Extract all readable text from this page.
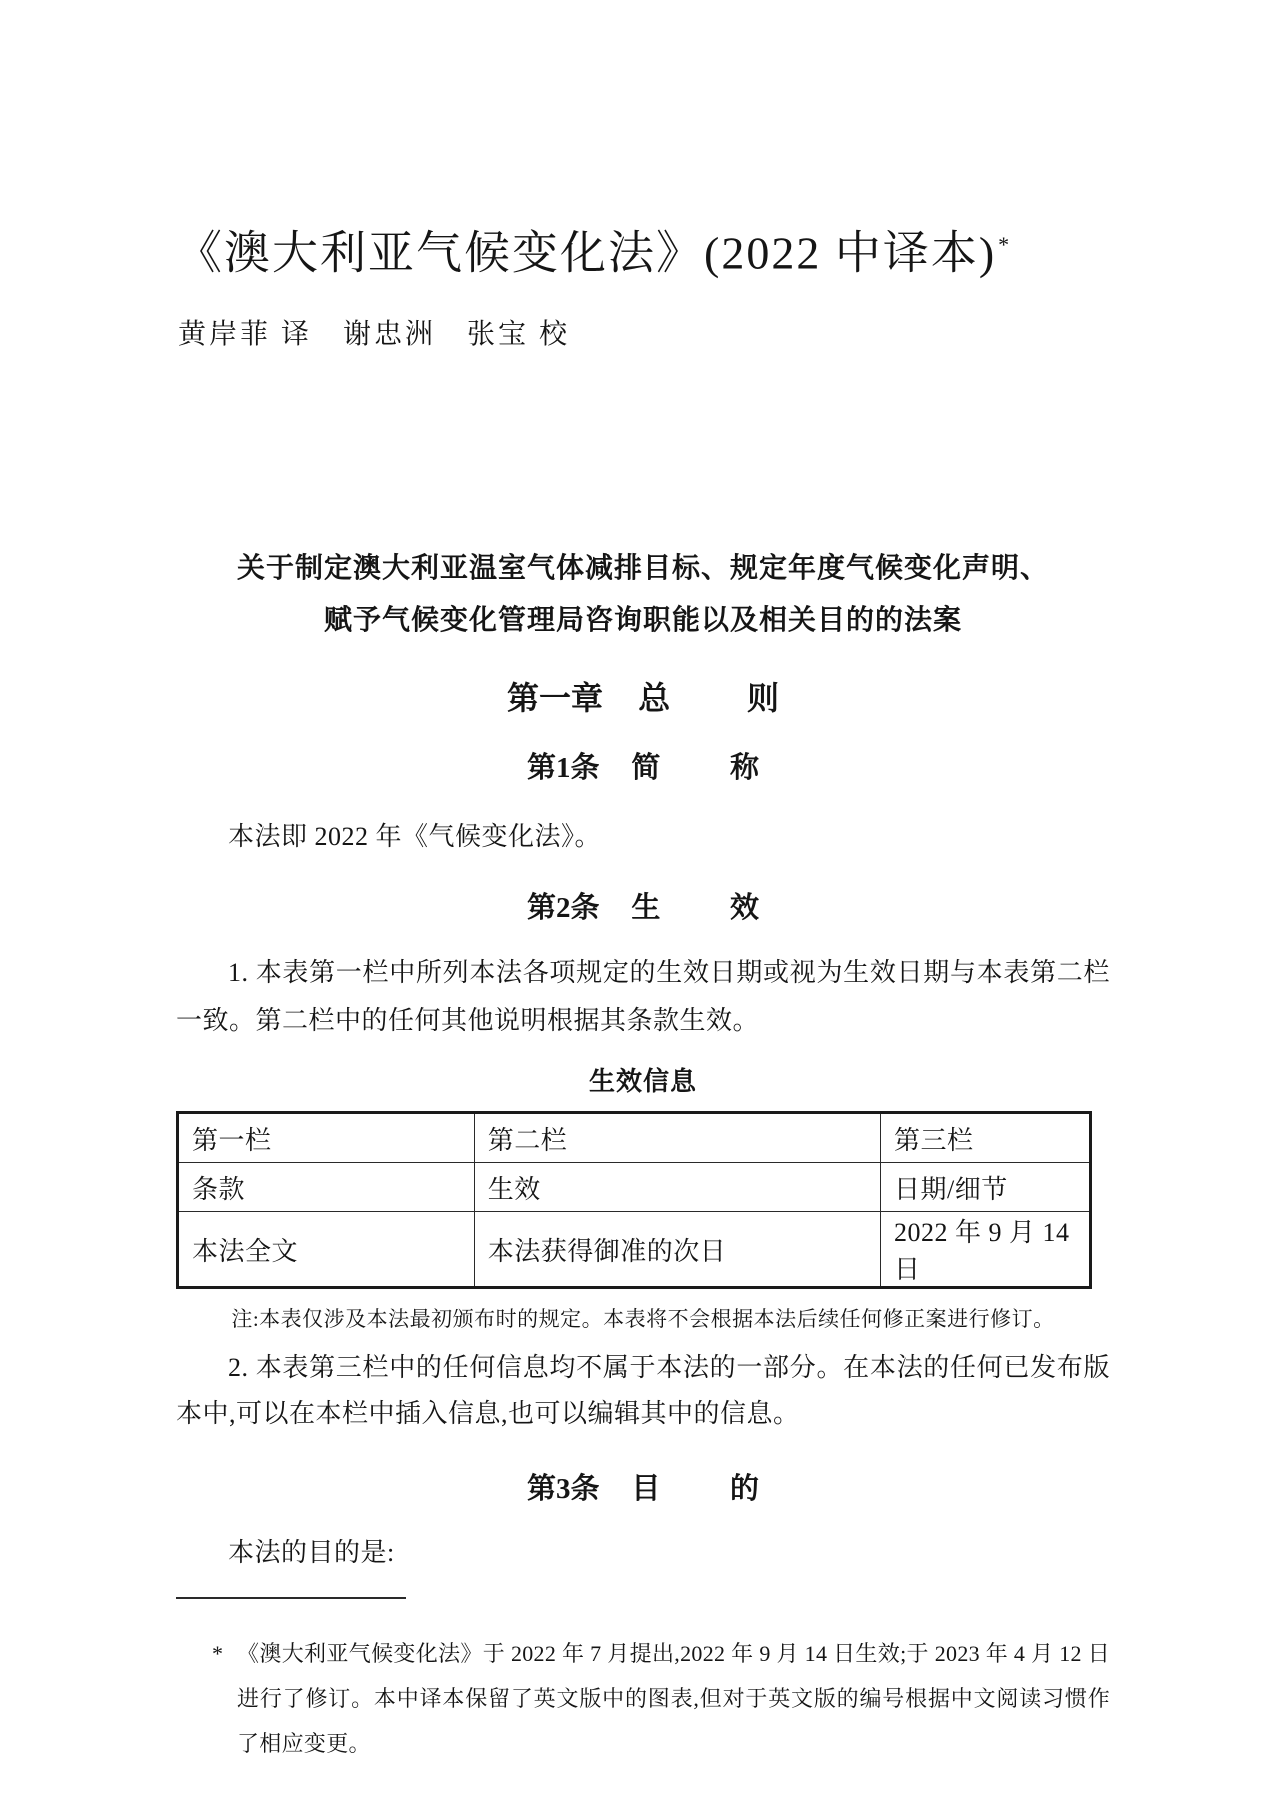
《澳大利亚气候变化法》(2022 中译本)*

黄岸菲 译　谢忠洲　张宝 校

关于制定澳大利亚温室气体减排目标、规定年度气候变化声明、
赋予气候变化管理局咨询职能以及相关目的的法案
第一章 总 则
第1条 简 称

本法即 2022 年《气候变化法》。

第2条 生 效

1. 本表第一栏中所列本法各项规定的生效日期或视为生效日期与本表第二栏一致。第二栏中的任何其他说明根据其条款生效。

生效信息
第一栏	第二栏	第三栏
条款	生效	日期/细节
本法全文	本法获得御准的次日	2022 年 9 月 14 日

注:本表仅涉及本法最初颁布时的规定。本表将不会根据本法后续任何修正案进行修订。

2. 本表第三栏中的任何信息均不属于本法的一部分。在本法的任何已发布版本中,可以在本栏中插入信息,也可以编辑其中的信息。

第3条 目 的

本法的目的是:

* 《澳大利亚气候变化法》于 2022 年 7 月提出,2022 年 9 月 14 日生效;于 2023 年 4 月 12 日进行了修订。本中译本保留了英文版中的图表,但对于英文版的编号根据中文阅读习惯作了相应变更。
